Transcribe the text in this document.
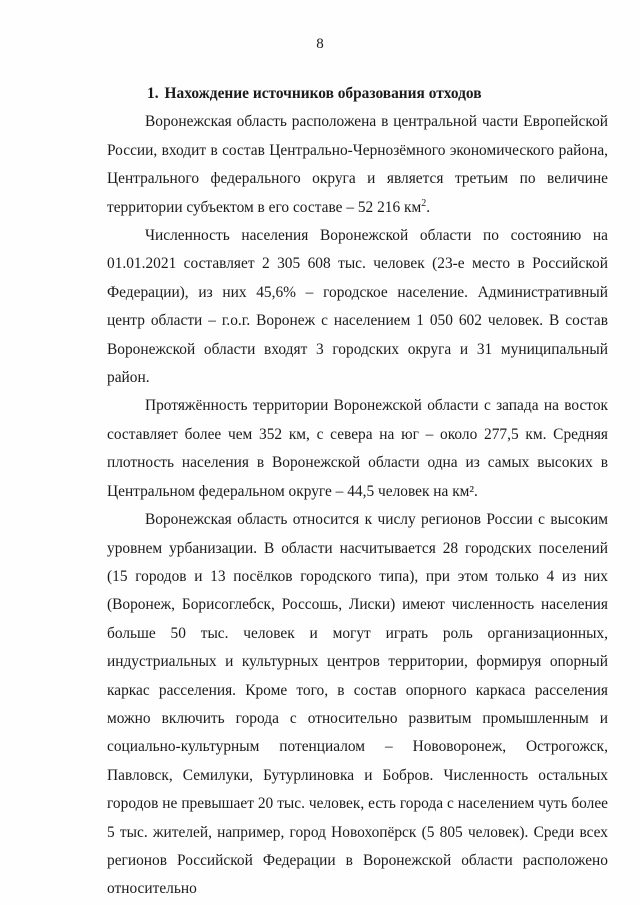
8

1. Нахождение источников образования отходов

Воронежская область расположена в центральной части Европейской России, входит в состав Центрально-Чернозёмного экономического района, Центрального федерального округа и является третьим по величине территории субъектом в его составе – 52 216 $км^2$.

Численность населения Воронежской области по состоянию на 01.01.2021 составляет 2 305 608 тыс. человек (23-е место в Российской Федерации), из них 45,6% – городское население. Административный центр области – г.о.г. Воронеж с населением 1 050 602 человек. В состав Воронежской области входят 3 городских округа и 31 муниципальный район.

Протяжённость территории Воронежской области с запада на восток составляет более чем 352 км, с севера на юг – около 277,5 км. Средняя плотность населения в Воронежской области одна из самых высоких в Центральном федеральном округе – 44,5 человек на км².

Воронежская область относится к числу регионов России с высоким уровнем урбанизации. В области насчитывается 28 городских поселений (15 городов и 13 посёлков городского типа), при этом только 4 из них (Воронеж, Борисоглебск, Россошь, Лиски) имеют численность населения больше 50 тыс. человек и могут играть роль организационных, индустриальных и культурных центров территории, формируя опорный каркас расселения. Кроме того, в состав опорного каркаса расселения можно включить города с относительно развитым промышленным и социально-культурным потенциалом – Нововоронеж, Острогожск, Павловск, Семилуки, Бутурлиновка и Бобров. Численность остальных городов не превышает 20 тыс. человек, есть города с населением чуть более 5 тыс. жителей, например, город Новохопёрск (5 805 человек). Среди всех регионов Российской Федерации в Воронежской области расположено относительно
